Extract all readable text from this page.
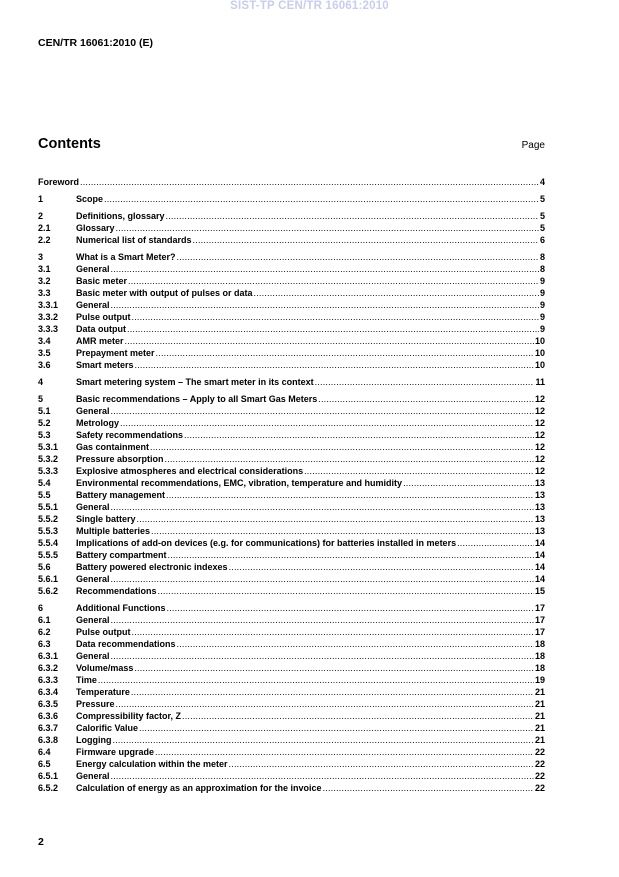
SIST-TP CEN/TR 16061:2010
CEN/TR 16061:2010 (E)
Contents	Page
Foreword .....	4
1	Scope .....	5
2	Definitions, glossary .....	5
2.1	Glossary .....	5
2.2	Numerical list of standards .....	6
3	What is a Smart Meter? .....	8
3.1	General .....	8
3.2	Basic meter .....	9
3.3	Basic meter with output of pulses or data .....	9
3.3.1	General .....	9
3.3.2	Pulse output .....	9
3.3.3	Data output .....	9
3.4	AMR meter .....	10
3.5	Prepayment meter .....	10
3.6	Smart meters .....	10
4	Smart metering system – The smart meter in its context .....	11
5	Basic recommendations – Apply to all Smart Gas Meters .....	12
5.1	General .....	12
5.2	Metrology .....	12
5.3	Safety recommendations .....	12
5.3.1	Gas containment .....	12
5.3.2	Pressure absorption .....	12
5.3.3	Explosive atmospheres and electrical considerations .....	12
5.4	Environmental recommendations, EMC, vibration, temperature and humidity .....	13
5.5	Battery management .....	13
5.5.1	General .....	13
5.5.2	Single battery .....	13
5.5.3	Multiple batteries .....	13
5.5.4	Implications of add-on devices (e.g. for communications) for batteries installed in meters .....	14
5.5.5	Battery compartment .....	14
5.6	Battery powered electronic indexes .....	14
5.6.1	General .....	14
5.6.2	Recommendations .....	15
6	Additional Functions .....	17
6.1	General .....	17
6.2	Pulse output .....	17
6.3	Data recommendations .....	18
6.3.1	General .....	18
6.3.2	Volume/mass .....	18
6.3.3	Time .....	19
6.3.4	Temperature .....	21
6.3.5	Pressure .....	21
6.3.6	Compressibility factor, Z .....	21
6.3.7	Calorific Value .....	21
6.3.8	Logging .....	21
6.4	Firmware upgrade .....	22
6.5	Energy calculation within the meter .....	22
6.5.1	General .....	22
6.5.2	Calculation of energy as an approximation for the invoice .....	22
2
